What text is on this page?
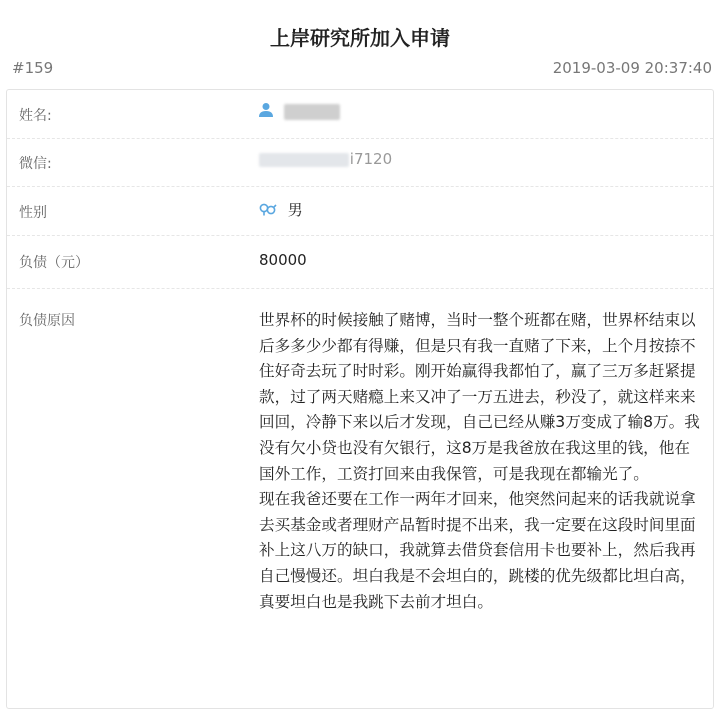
上岸研究所加入申请
#159	2019-03-09 20:37:40
姓名:

微信:	i7120
性别	男
负债（元）	80000
负债原因	世界杯的时候接触了赌博，当时一整个班都在赌，世界杯结束以后多多少少都有得赚，但是只有我一直赌了下来，上个月按捺不住好奇去玩了时时彩。刚开始赢得我都怕了，赢了三万多赶紧提款，过了两天赌瘾上来又冲了一万五进去，秒没了，就这样来来回回，冷静下来以后才发现，自己已经从赚3万变成了输8万。我没有欠小贷也没有欠银行，这8万是我爸放在我这里的钱，他在国外工作，工资打回来由我保管，可是我现在都输光了。
现在我爸还要在工作一两年才回来，他突然问起来的话我就说拿去买基金或者理财产品暂时提不出来，我一定要在这段时间里面补上这八万的缺口，我就算去借贷套信用卡也要补上，然后我再自己慢慢还。坦白我是不会坦白的，跳楼的优先级都比坦白高，真要坦白也是我跳下去前才坦白。
